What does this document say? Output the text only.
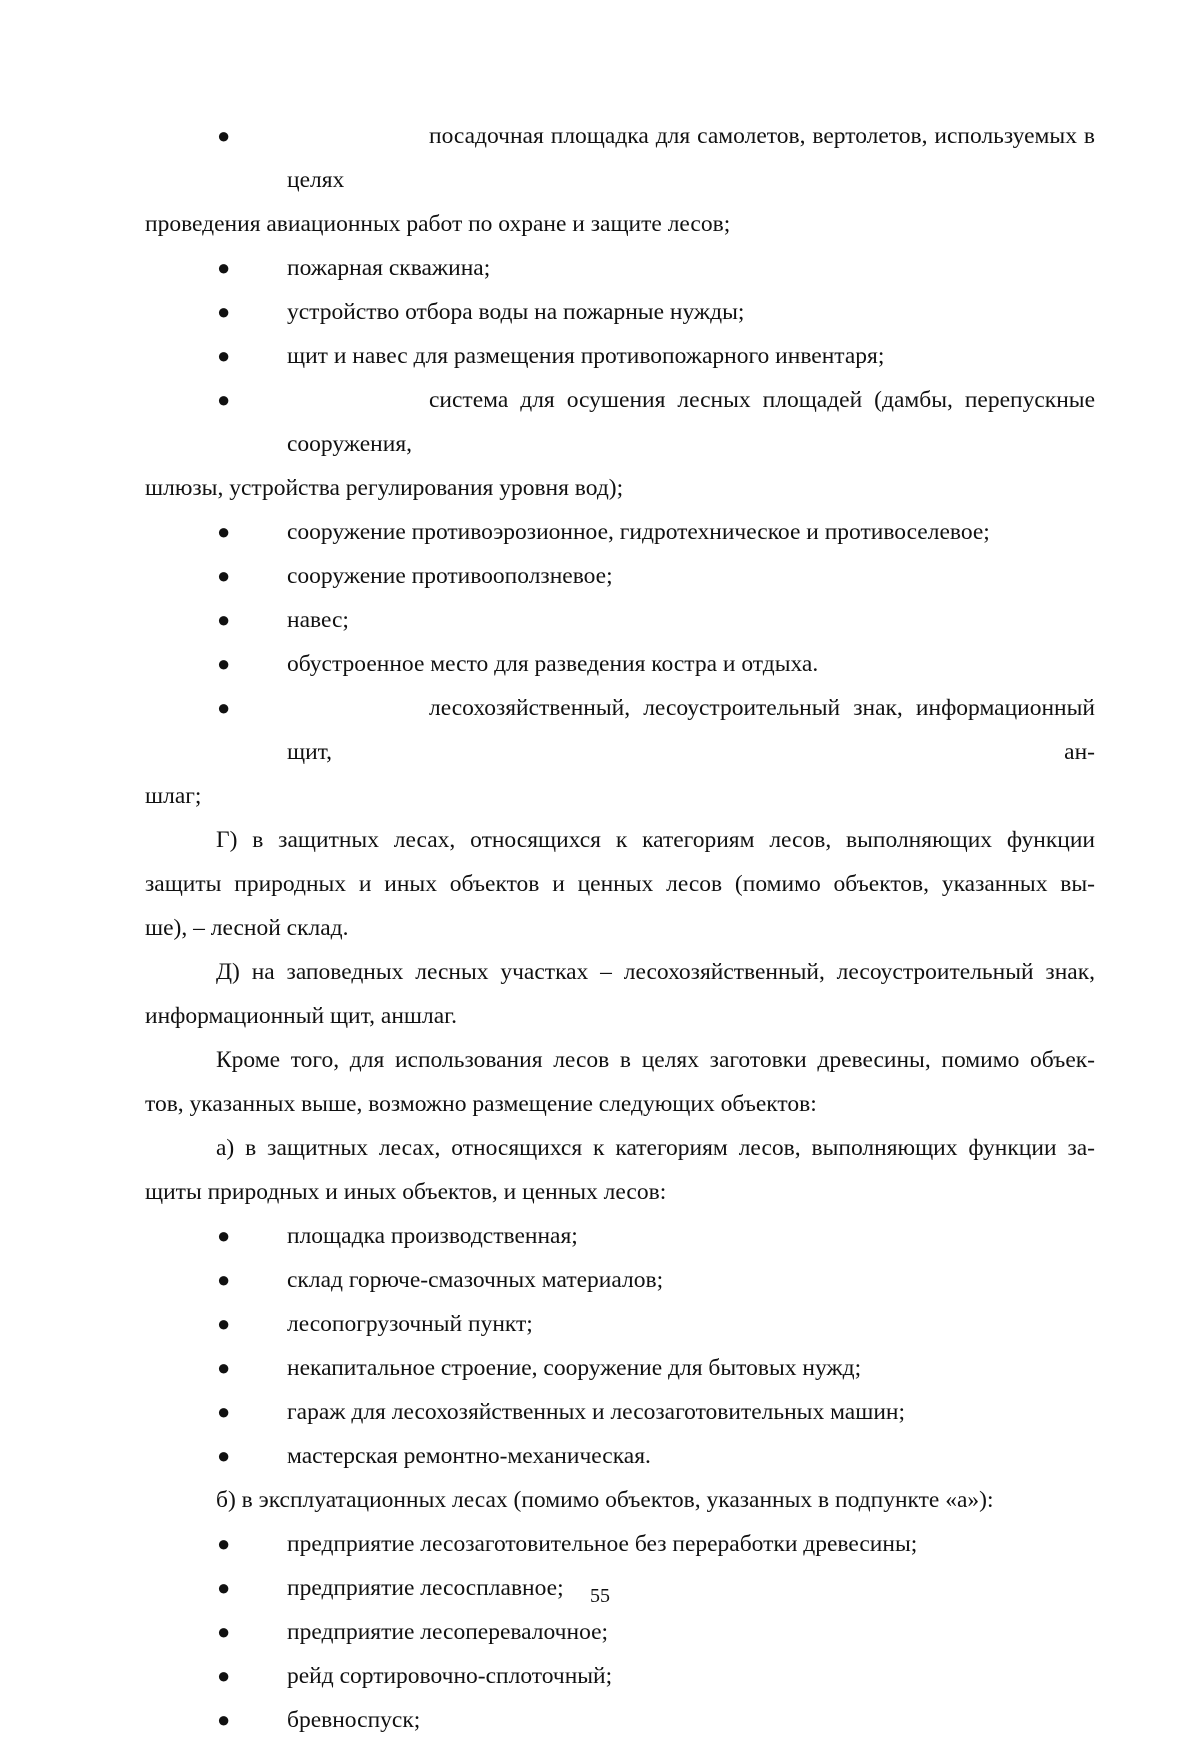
●	посадочная площадка для самолетов, вертолетов, используемых в целях
проведения авиационных работ по охране и защите лесов;
● пожарная скважина;
● устройство отбора воды на пожарные нужды;
● щит и навес для размещения противопожарного инвентаря;
●	система для осушения лесных площадей (дамбы, перепускные сооружения,
шлюзы, устройства регулирования уровня вод);
● сооружение противоэрозионное, гидротехническое и противоселевое;
● сооружение противооползневое;
● навес;
● обустроенное место для разведения костра и отдыха.
●	лесохозяйственный, лесоустроительный знак, информационный щит, ан-
шлаг;
Г) в защитных лесах, относящихся к категориям лесов, выполняющих функции
защиты природных и иных объектов и ценных лесов (помимо объектов, указанных вы-
ше), – лесной склад.
Д) на заповедных лесных участках – лесохозяйственный, лесоустроительный знак,
информационный щит, аншлаг.
Кроме того, для использования лесов в целях заготовки древесины, помимо объек-
тов, указанных выше, возможно размещение следующих объектов:
а) в защитных лесах, относящихся к категориям лесов, выполняющих функции за-
щиты природных и иных объектов, и ценных лесов:
● площадка производственная;
● склад горюче-смазочных материалов;
● лесопогрузочный пункт;
● некапитальное строение, сооружение для бытовых нужд;
● гараж для лесохозяйственных и лесозаготовительных машин;
● мастерская ремонтно-механическая.
б) в эксплуатационных лесах (помимо объектов, указанных в подпункте «а»):
● предприятие лесозаготовительное без переработки древесины;
● предприятие лесосплавное;
● предприятие лесоперевалочное;
● рейд сортировочно-сплоточный;
● бревноспуск;
55
